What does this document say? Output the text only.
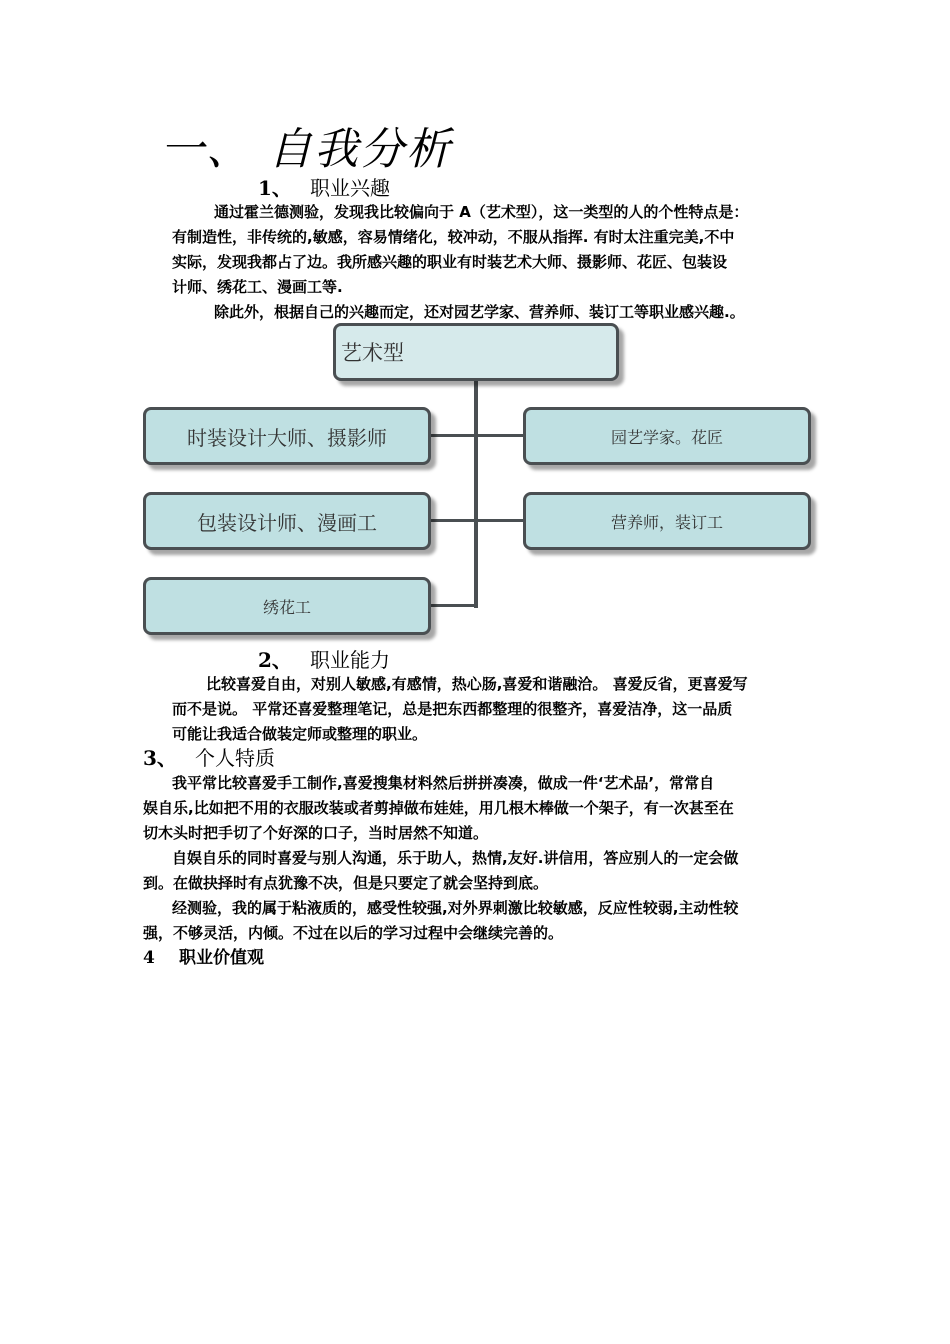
一、 自我分析
1、 职业兴趣
通过霍兰德测验，发现我比较偏向于 A（艺术型），这一类型的人的个性特点是：
有制造性，非传统的,敏感，容易情绪化，较冲动，不服从指挥. 有时太注重完美,不中
实际，发现我都占了边。我所感兴趣的职业有时装艺术大师、摄影师、花匠、包装设
计师、绣花工、漫画工等.
除此外，根据自己的兴趣而定，还对园艺学家、营养师、装订工等职业感兴趣.。
艺术型
时装设计大师、摄影师
包装设计师、漫画工
绣花工
园艺学家。花匠
营养师，装订工
2、 职业能力
比较喜爱自由，对别人敏感,有感情，热心肠,喜爱和谐融洽。 喜爱反省，更喜爱写
而不是说。 平常还喜爱整理笔记，总是把东西都整理的很整齐，喜爱洁净，这一品质
可能让我适合做装定师或整理的职业。
3、 个人特质
我平常比较喜爱手工制作,喜爱搜集材料然后拼拼凑凑，做成一件‘艺术品’，常常自
娱自乐,比如把不用的衣服改装或者剪掉做布娃娃，用几根木棒做一个架子，有一次甚至在
切木头时把手切了个好深的口子，当时居然不知道。
自娱自乐的同时喜爱与别人沟通，乐于助人，热情,友好.讲信用，答应别人的一定会做
到。在做抉择时有点犹豫不决，但是只要定了就会坚持到底。
经测验，我的属于粘液质的，感受性较强,对外界刺激比较敏感，反应性较弱,主动性较
强，不够灵活，内倾。不过在以后的学习过程中会继续完善的。
4 职业价值观
